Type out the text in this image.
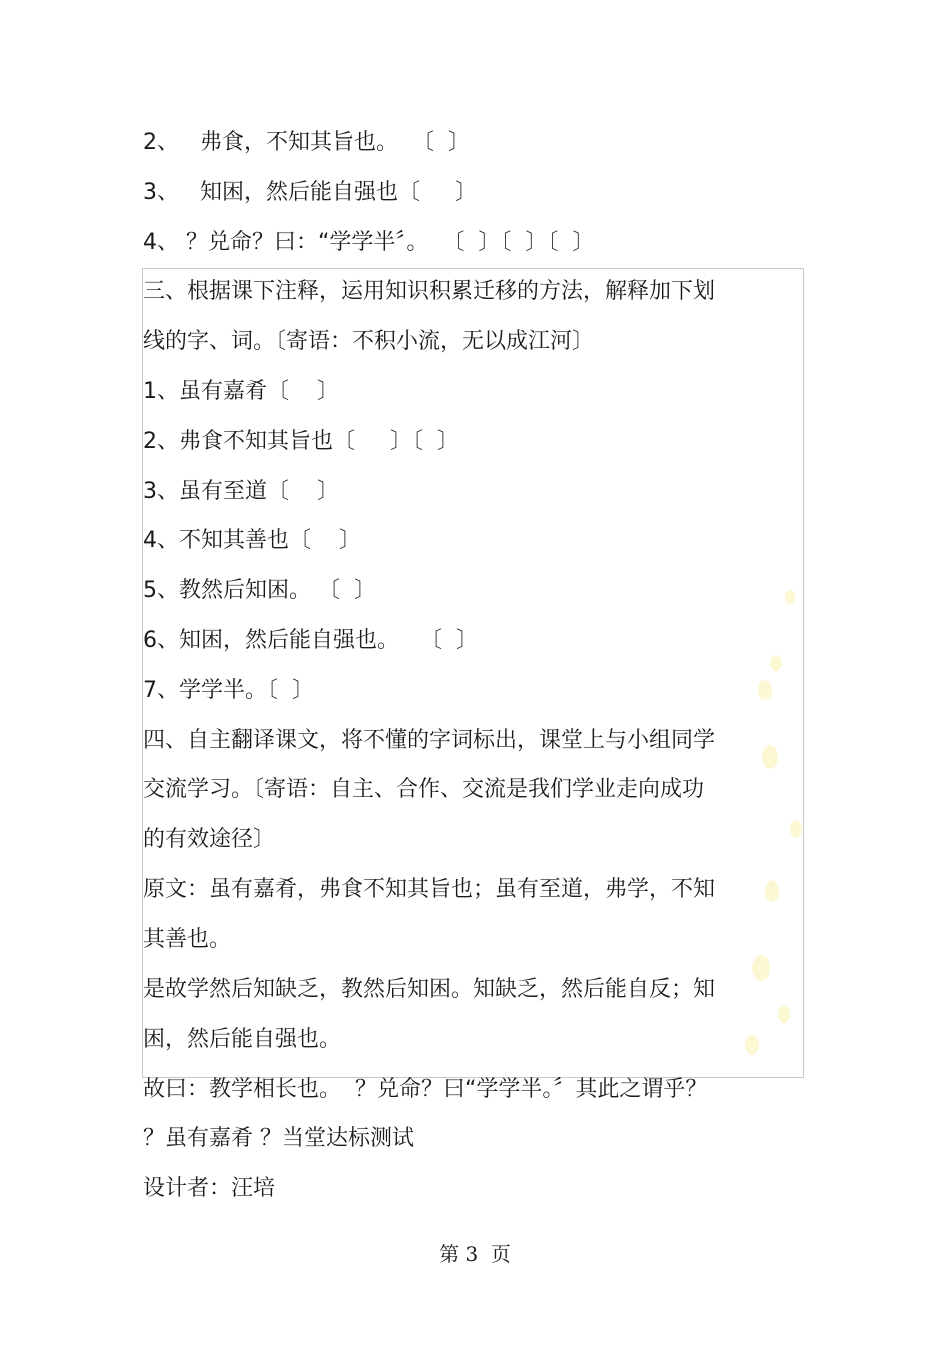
2、   弗食，不知其旨也。  〔  〕

3、   知困，然后能自强也〔     〕

4、 ？兑命？曰：“学学半〞。  〔  〕〔  〕〔  〕

三、根据课下注释，运用知识积累迁移的方法，解释加下划

线的字、词。〔寄语：不积小流，无以成江河〕

1、虽有嘉肴〔    〕

2、弗食不知其旨也〔     〕〔  〕

3、虽有至道〔    〕

4、不知其善也〔    〕

5、教然后知困。 〔  〕

6、知困，然后能自强也。   〔  〕

7、学学半。〔  〕

四、自主翻译课文，将不懂的字词标出，课堂上与小组同学

交流学习。〔寄语：自主、合作、交流是我们学业走向成功

的有效途径〕

原文：虽有嘉肴，弗食不知其旨也；虽有至道，弗学，不知

其善也。

是故学然后知缺乏，教然后知困。知缺乏，然后能自反；知

困，然后能自强也。

故曰：教学相长也。  ？兑命？曰“学学半。〞其此之谓乎？

？虽有嘉肴 ？当堂达标测试

设计者：汪培

第 3  页
